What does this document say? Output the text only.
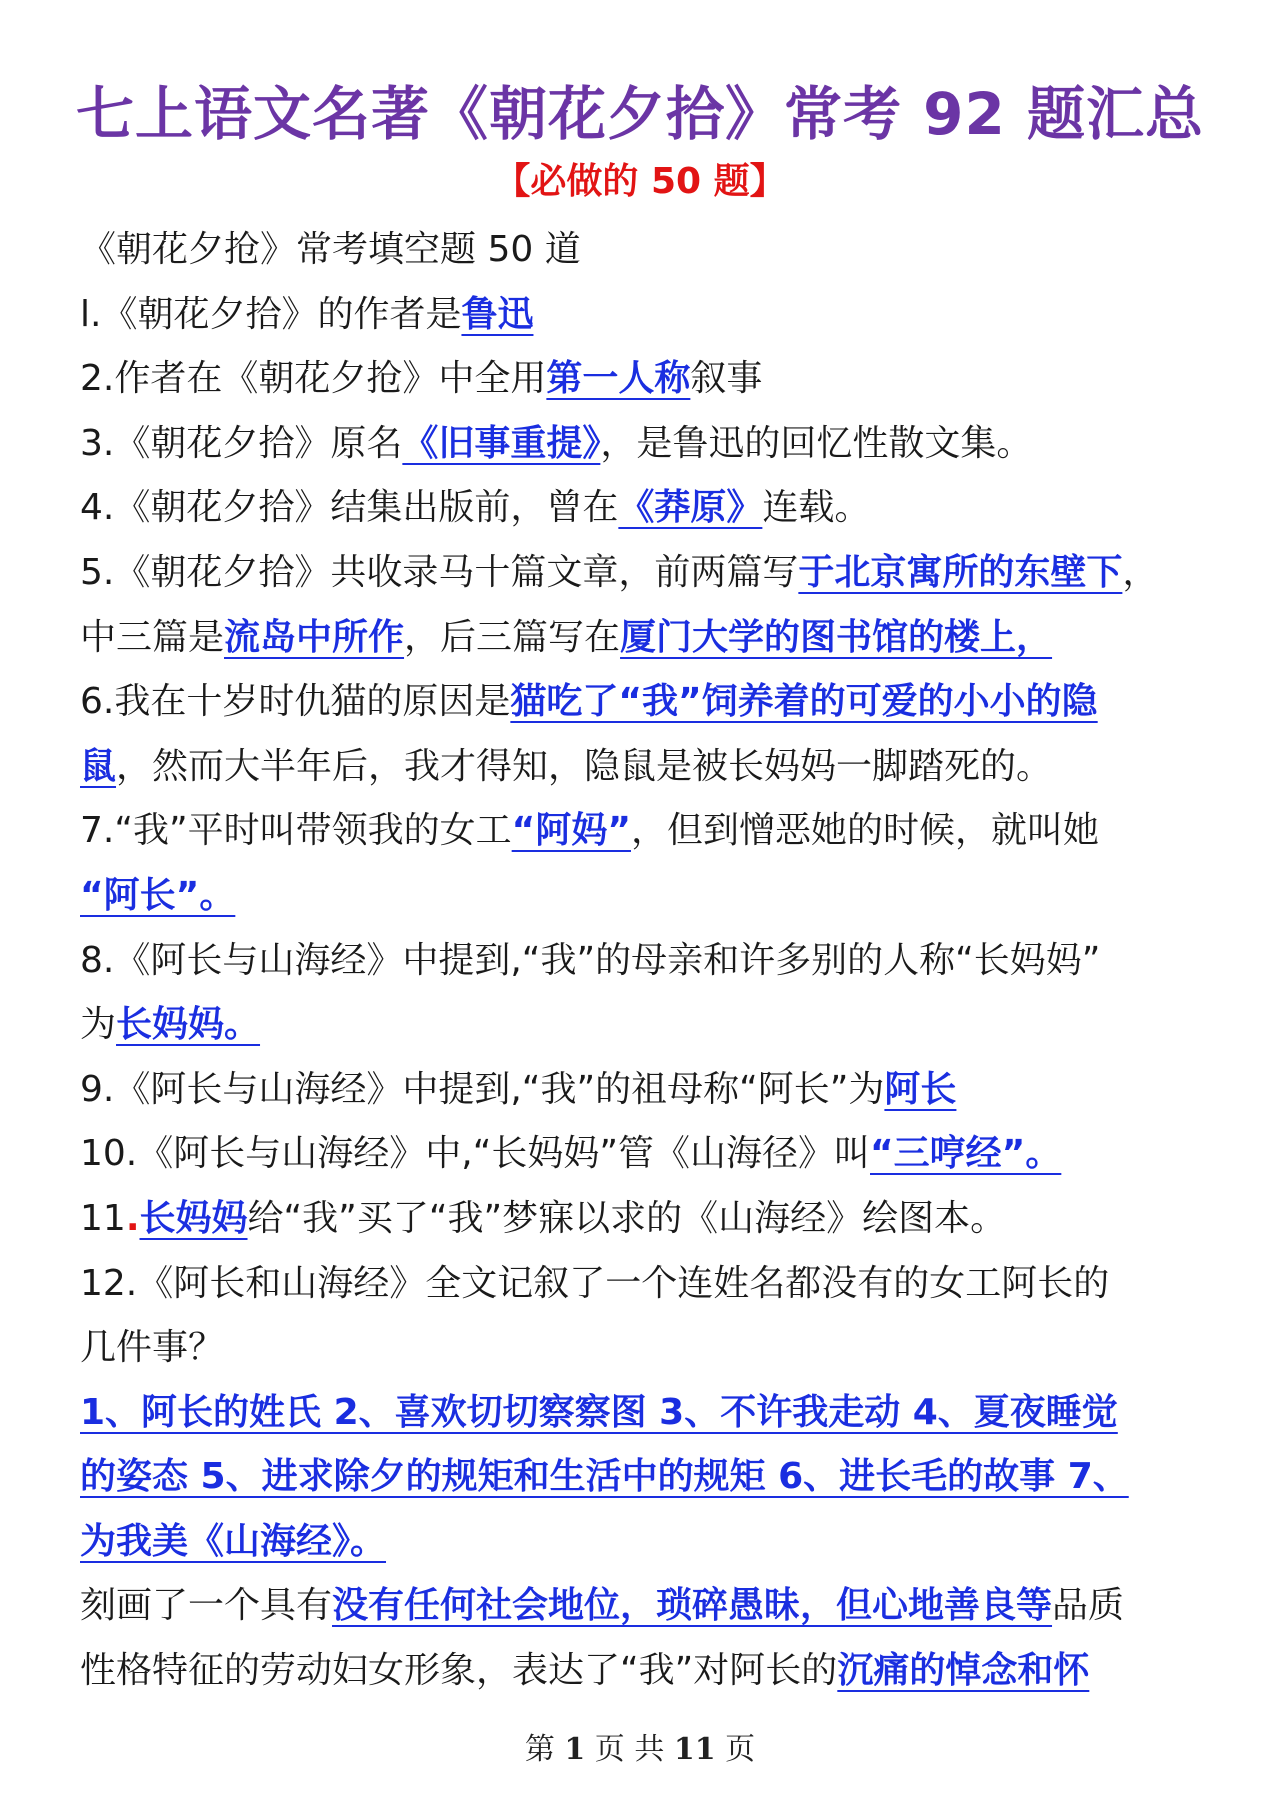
七上语文名著《朝花夕拾》常考 92 题汇总
【必做的 50 题】
《朝花夕抢》常考填空题 50 道
l.《朝花夕拾》的作者是鲁迅
2.作者在《朝花夕抢》中全用第一人称叙事
3.《朝花夕拾》原名《旧事重提》，是鲁迅的回忆性散文集。
4.《朝花夕拾》结集出版前，曾在《莽原》连载。
5.《朝花夕拾》共收录马十篇文章，前两篇写于北京寓所的东壁下，
中三篇是流岛中所作，后三篇写在厦门大学的图书馆的楼上，
6.我在十岁时仇猫的原因是猫吃了“我”饲养着的可爱的小小的隐
鼠，然而大半年后，我才得知，隐鼠是被长妈妈一脚踏死的。
7.“我”平时叫带领我的女工“阿妈”，但到憎恶她的时候，就叫她
“阿长”。
8.《阿长与山海经》中提到,“我”的母亲和许多别的人称“长妈妈”
为长妈妈。
9.《阿长与山海经》中提到,“我”的祖母称“阿长”为阿长
10.《阿长与山海经》中,“长妈妈”管《山海径》叫“三哼经”。
11.长妈妈给“我”买了“我”梦寐以求的《山海经》绘图本。
12.《阿长和山海经》全文记叙了一个连姓名都没有的女工阿长的
几件事？
1、阿长的姓氏 2、喜欢切切察察图 3、不许我走动 4、夏夜睡觉
的姿态 5、进求除夕的规矩和生活中的规矩 6、进长毛的故事 7、
为我美《山海经》。
刻画了一个具有没有任何社会地位，琐碎愚昧，但心地善良等品质
性格特征的劳动妇女形象，表达了“我”对阿长的沉痛的悼念和怀
第 1 页 共 11 页
